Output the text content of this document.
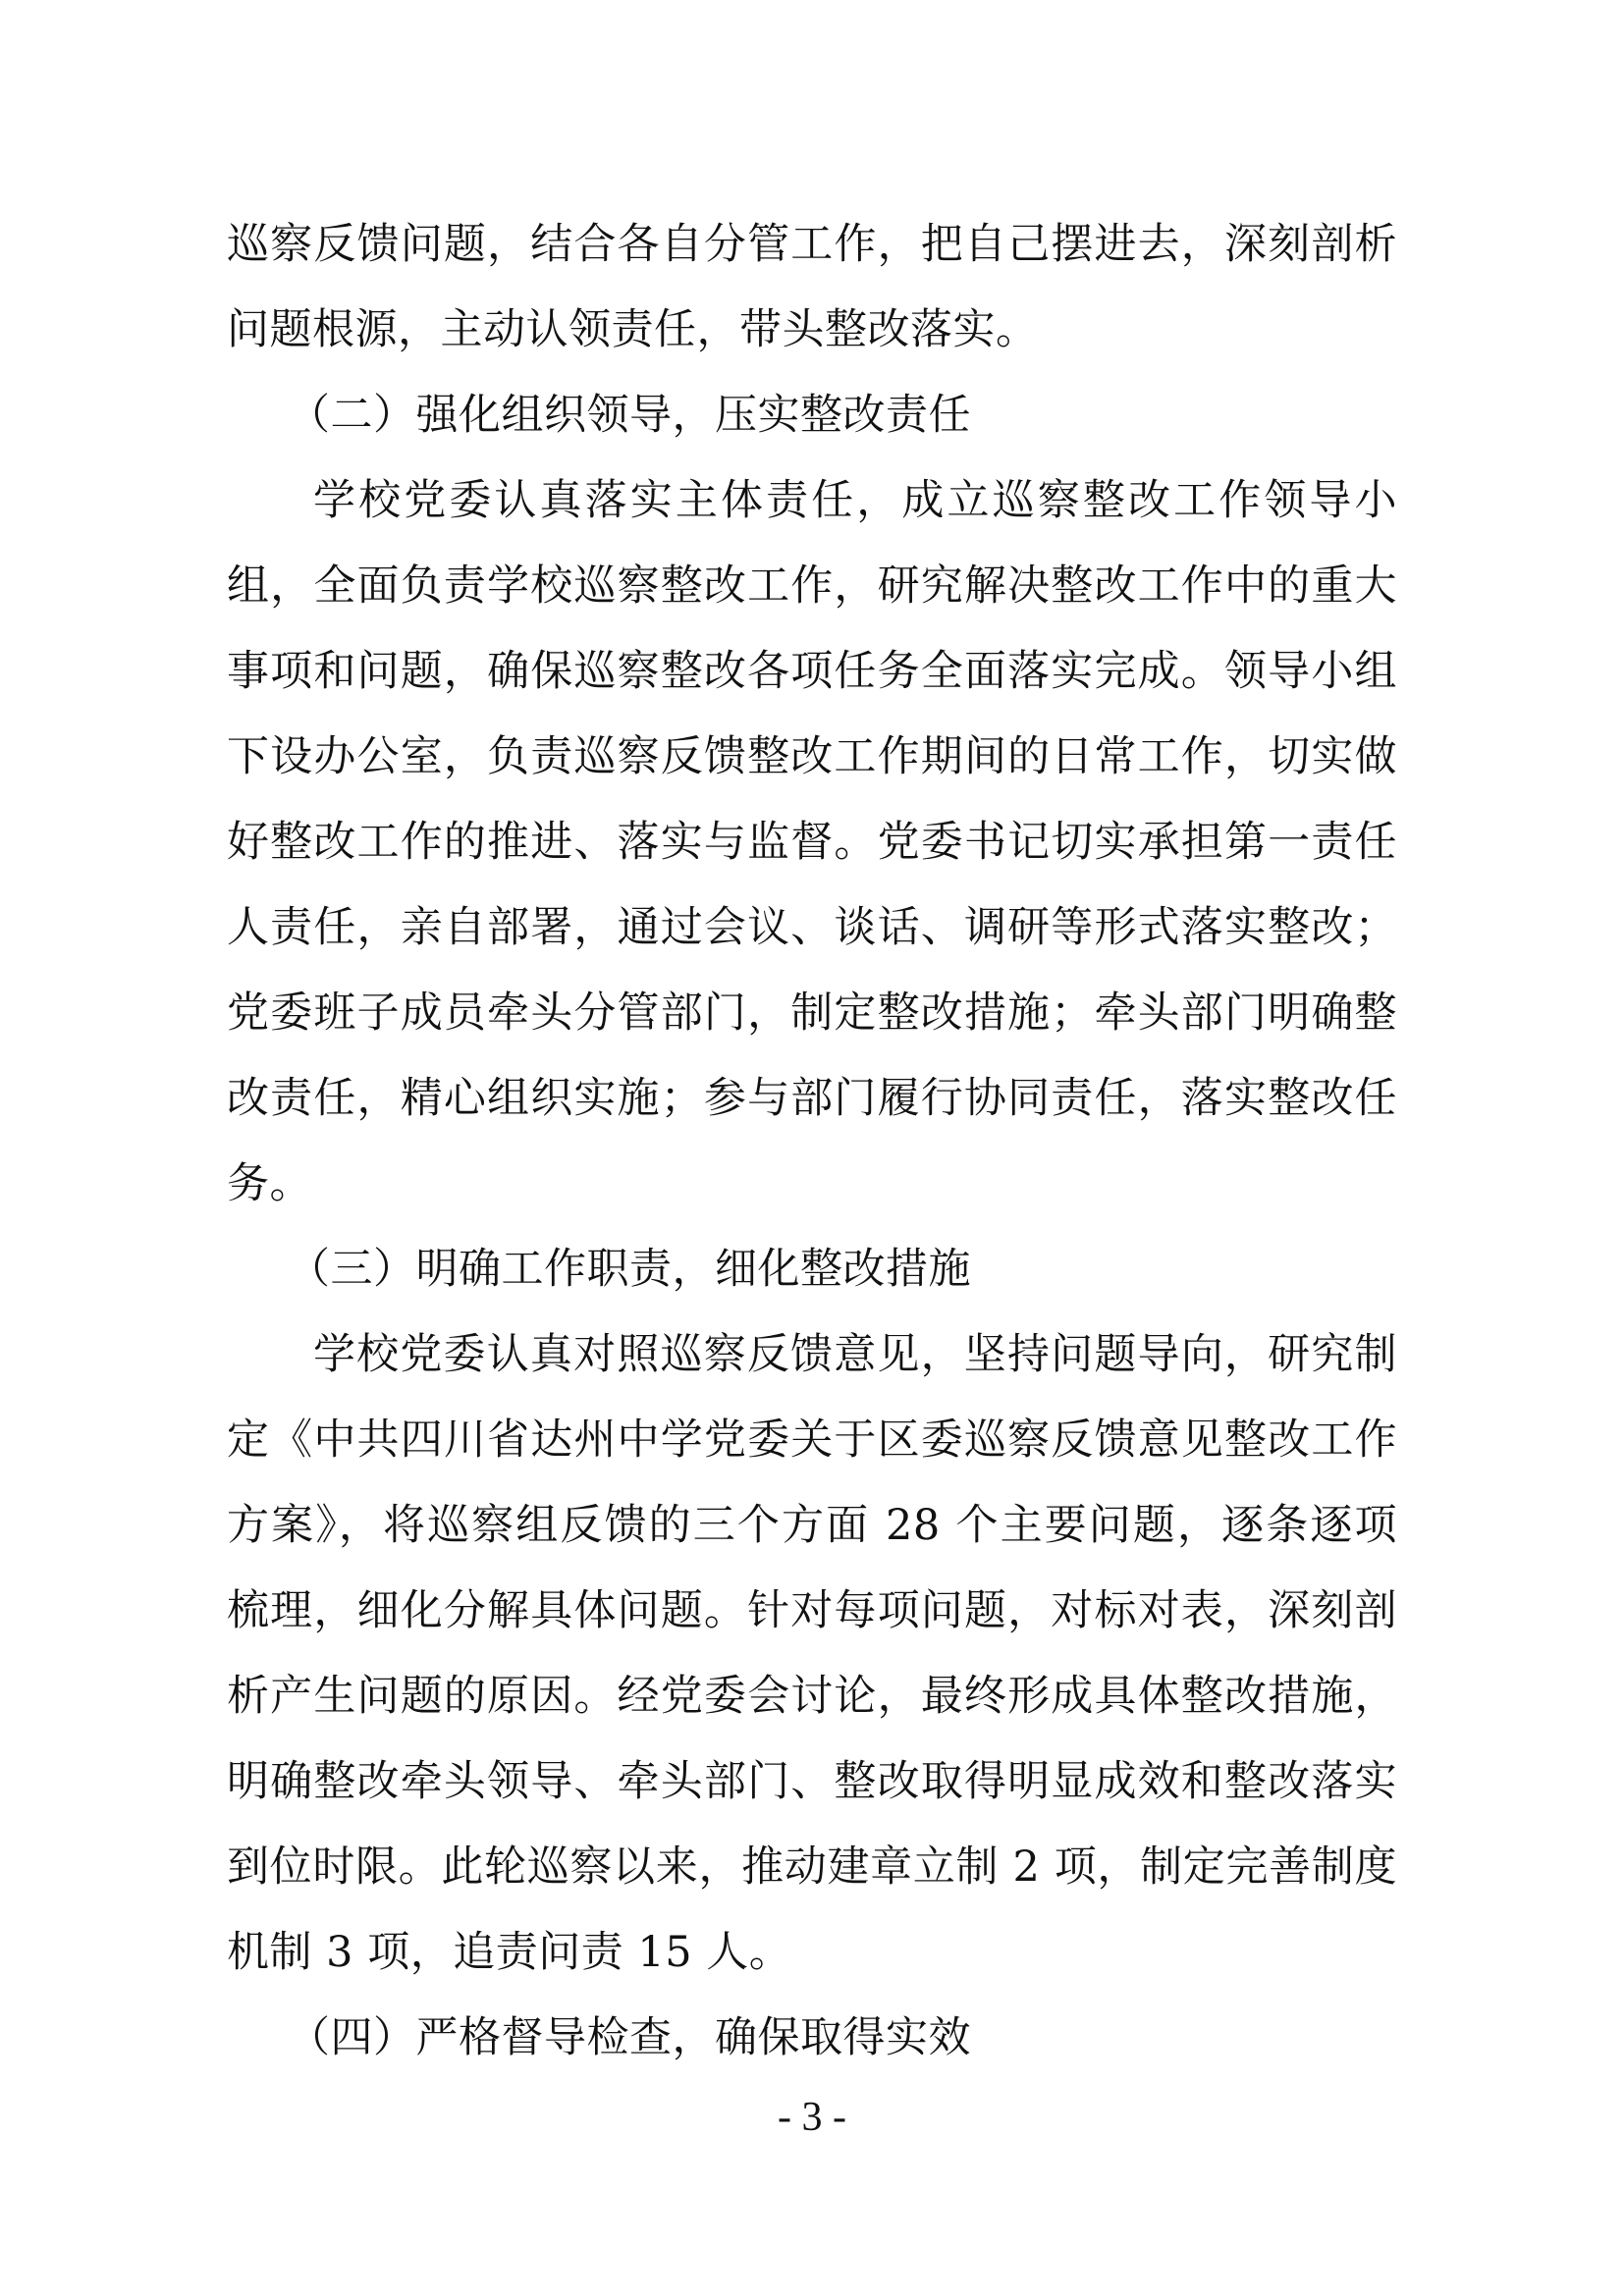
巡察反馈问题，结合各自分管工作，把自己摆进去，深刻剖析问题根源，主动认领责任，带头整改落实。

（二）强化组织领导，压实整改责任

学校党委认真落实主体责任，成立巡察整改工作领导小组，全面负责学校巡察整改工作，研究解决整改工作中的重大事项和问题，确保巡察整改各项任务全面落实完成。领导小组下设办公室，负责巡察反馈整改工作期间的日常工作，切实做好整改工作的推进、落实与监督。党委书记切实承担第一责任人责任，亲自部署，通过会议、谈话、调研等形式落实整改；党委班子成员牵头分管部门，制定整改措施；牵头部门明确整改责任，精心组织实施；参与部门履行协同责任，落实整改任务。

（三）明确工作职责，细化整改措施

学校党委认真对照巡察反馈意见，坚持问题导向，研究制定《中共四川省达州中学党委关于区委巡察反馈意见整改工作方案》，将巡察组反馈的三个方面 28 个主要问题，逐条逐项梳理，细化分解具体问题。针对每项问题，对标对表，深刻剖析产生问题的原因。经党委会讨论，最终形成具体整改措施，明确整改牵头领导、牵头部门、整改取得明显成效和整改落实到位时限。此轮巡察以来，推动建章立制 2 项，制定完善制度机制 3 项，追责问责 15 人。

（四）严格督导检查，确保取得实效

- 3 -
